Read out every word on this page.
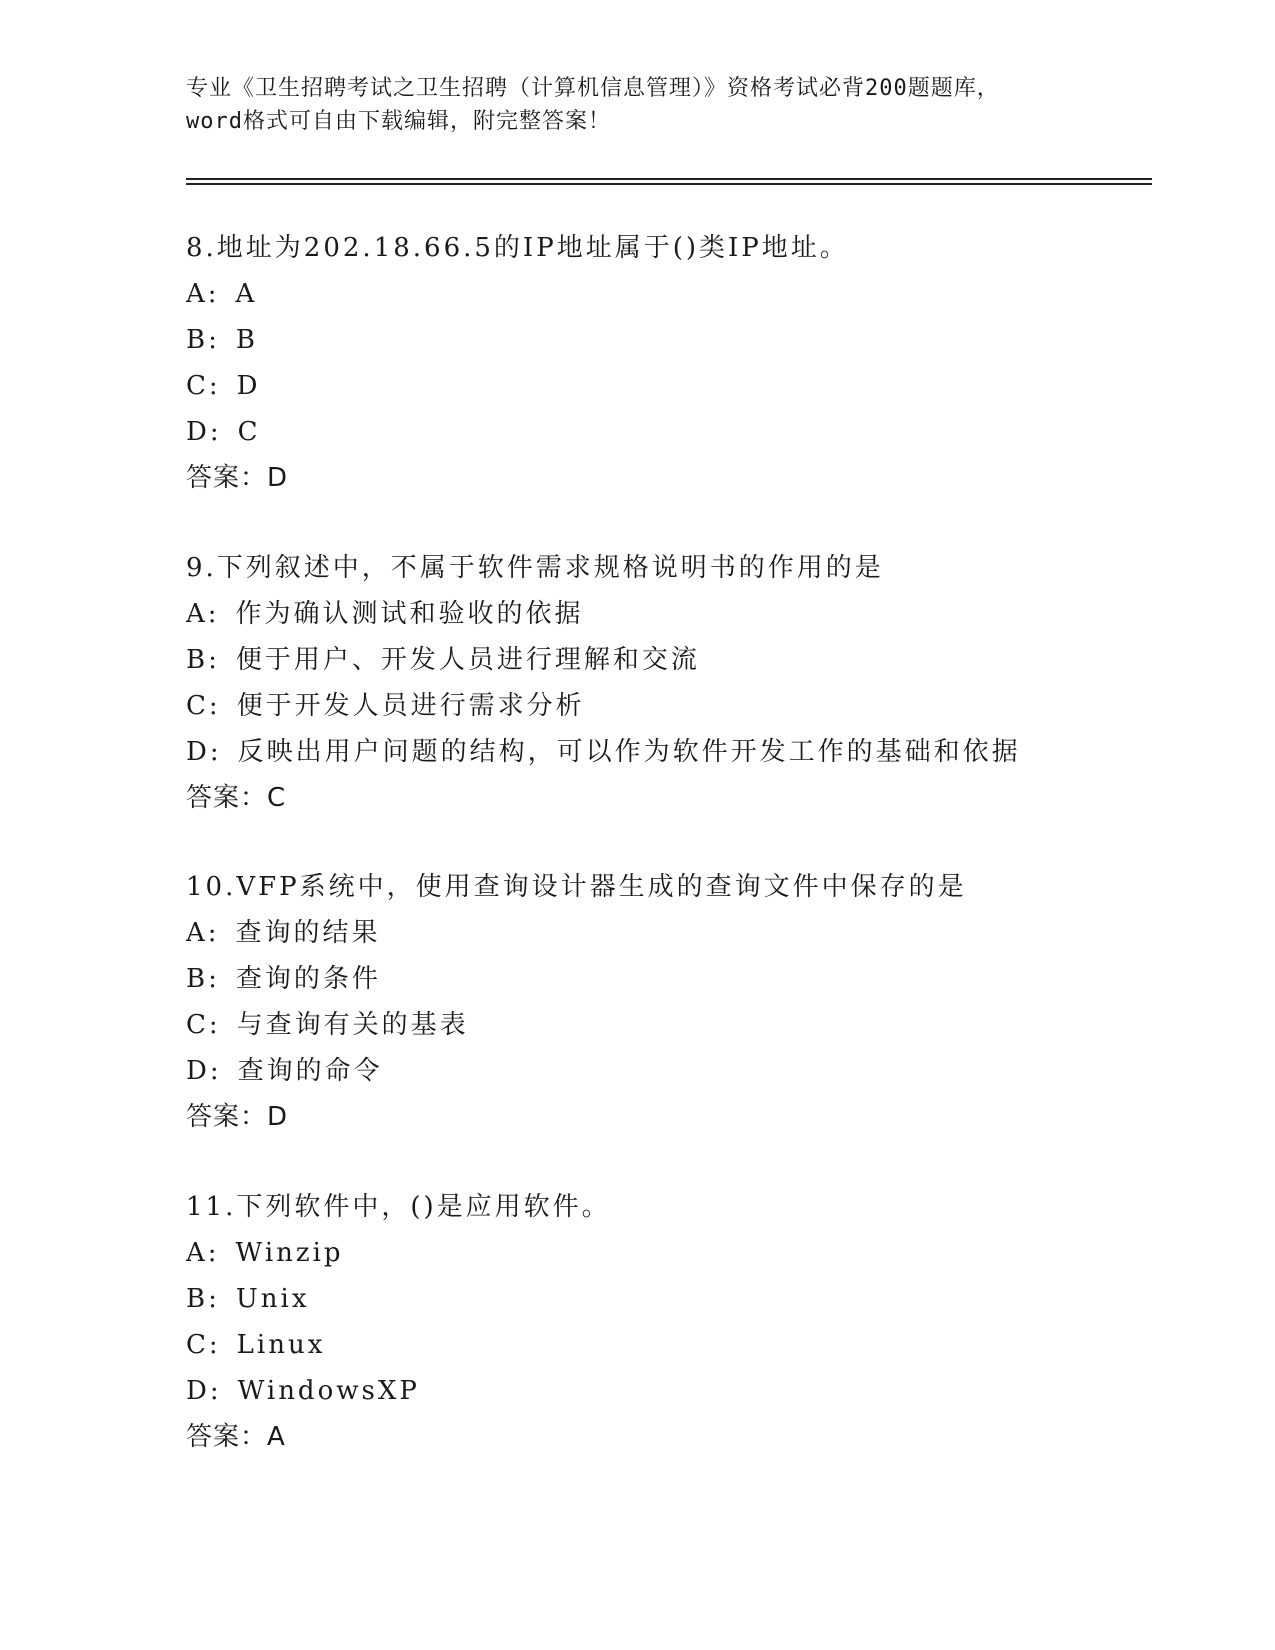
专业《卫生招聘考试之卫生招聘（计算机信息管理）》资格考试必背200题题库，
word格式可自由下载编辑，附完整答案！
8.地址为202.18.66.5的IP地址属于()类IP地址。
A: A
B: B
C: D
D: C
答案：D
9.下列叙述中，不属于软件需求规格说明书的作用的是
A: 作为确认测试和验收的依据
B: 便于用户、开发人员进行理解和交流
C: 便于开发人员进行需求分析
D: 反映出用户问题的结构，可以作为软件开发工作的基础和依据
答案：C
10.VFP系统中，使用查询设计器生成的查询文件中保存的是
A: 查询的结果
B: 查询的条件
C: 与查询有关的基表
D: 查询的命令
答案：D
11.下列软件中，()是应用软件。
A: Winzip
B: Unix
C: Linux
D: WindowsXP
答案：A
